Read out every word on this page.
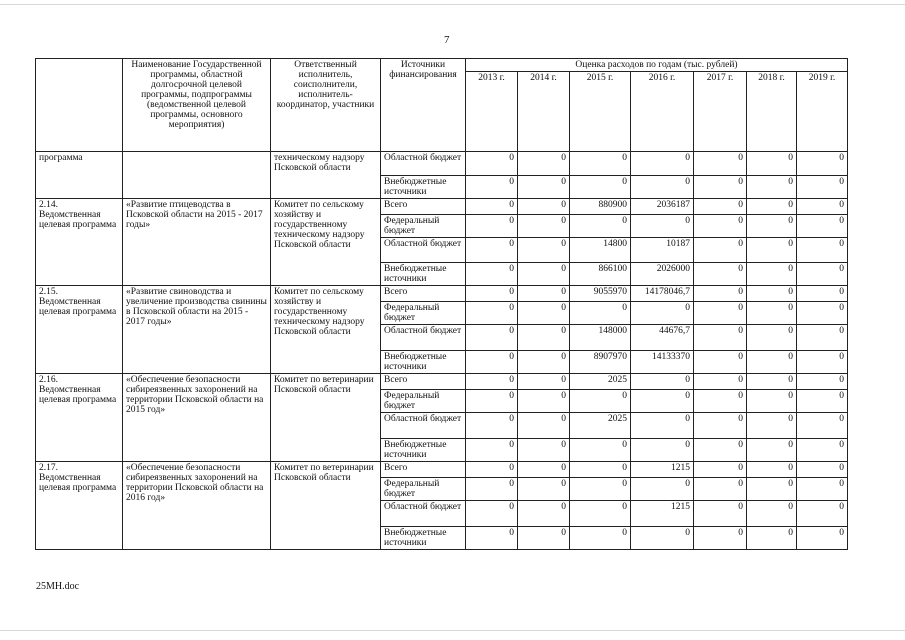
7
	Наименование Государственной программы, областной долгосрочной целевой программы, подпрограммы (ведомственной целевой программы, основного мероприятия)	Ответственный исполнитель, соисполнители, исполнитель-координатор, участники	Источники финансирования	Оценка расходов по годам (тыс. рублей)						
				2013 г.	2014 г.	2015 г.	2016 г.	2017 г.	2018 г.	2019 г.
программа		техническому надзору Псковской области	Областной бюджет	0	0	0	0	0	0	0
			Внебюджетные источники	0	0	0	0	0	0	0
2.14. Ведомственная целевая программа	«Развитие птицеводства в Псковской области на 2015 - 2017 годы»	Комитет по сельскому хозяйству и государственному техническому надзору Псковской области	Всего	0	0	880900	2036187	0	0	0
			Федеральный бюджет	0	0	0	0	0	0	0
			Областной бюджет	0	0	14800	10187	0	0	0
			Внебюджетные источники	0	0	866100	2026000	0	0	0
2.15. Ведомственная целевая программа	«Развитие свиноводства и увеличение производства свинины в Псковской области на 2015 - 2017 годы»	Комитет по сельскому хозяйству и государственному техническому надзору Псковской области	Всего	0	0	9055970	14178046,7	0	0	0
			Федеральный бюджет	0	0	0	0	0	0	0
			Областной бюджет	0	0	148000	44676,7	0	0	0
			Внебюджетные источники	0	0	8907970	14133370	0	0	0
2.16. Ведомственная целевая программа	«Обеспечение безопасности сибиреязвенных захоронений на территории Псковской области на 2015 год»	Комитет по ветеринарии Псковской области	Всего	0	0	2025	0	0	0	0
			Федеральный бюджет	0	0	0	0	0	0	0
			Областной бюджет	0	0	2025	0	0	0	0
			Внебюджетные источники	0	0	0	0	0	0	0
2.17. Ведомственная целевая программа	«Обеспечение безопасности сибиреязвенных захоронений на территории Псковской области на 2016 год»	Комитет по ветеринарии Псковской области	Всего	0	0	0	1215	0	0	0
			Федеральный бюджет	0	0	0	0	0	0	0
			Областной бюджет	0	0	0	1215	0	0	0
			Внебюджетные источники	0	0	0	0	0	0	0
25MH.doc
